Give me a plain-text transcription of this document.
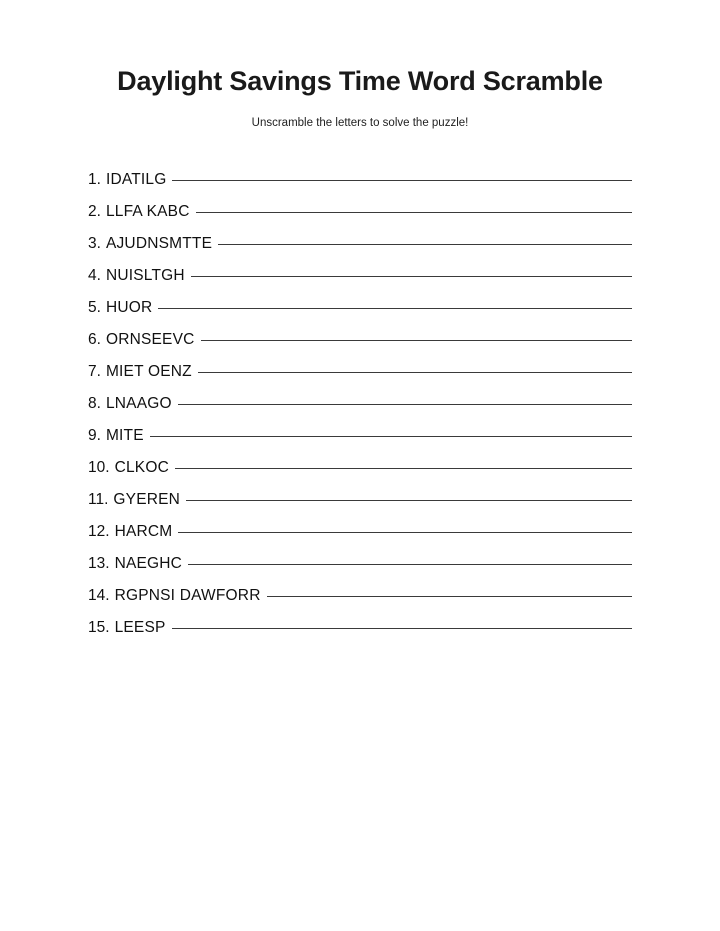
Daylight Savings Time Word Scramble

Unscramble the letters to solve the puzzle!

1. IDATILG
2. LLFA KABC
3. AJUDNSMTTE
4. NUISLTGH
5. HUOR
6. ORNSEEVC
7. MIET OENZ
8. LNAAGO
9. MITE
10. CLKOC
11. GYEREN
12. HARCM
13. NAEGHC
14. RGPNSI DAWFORR
15. LEESP
